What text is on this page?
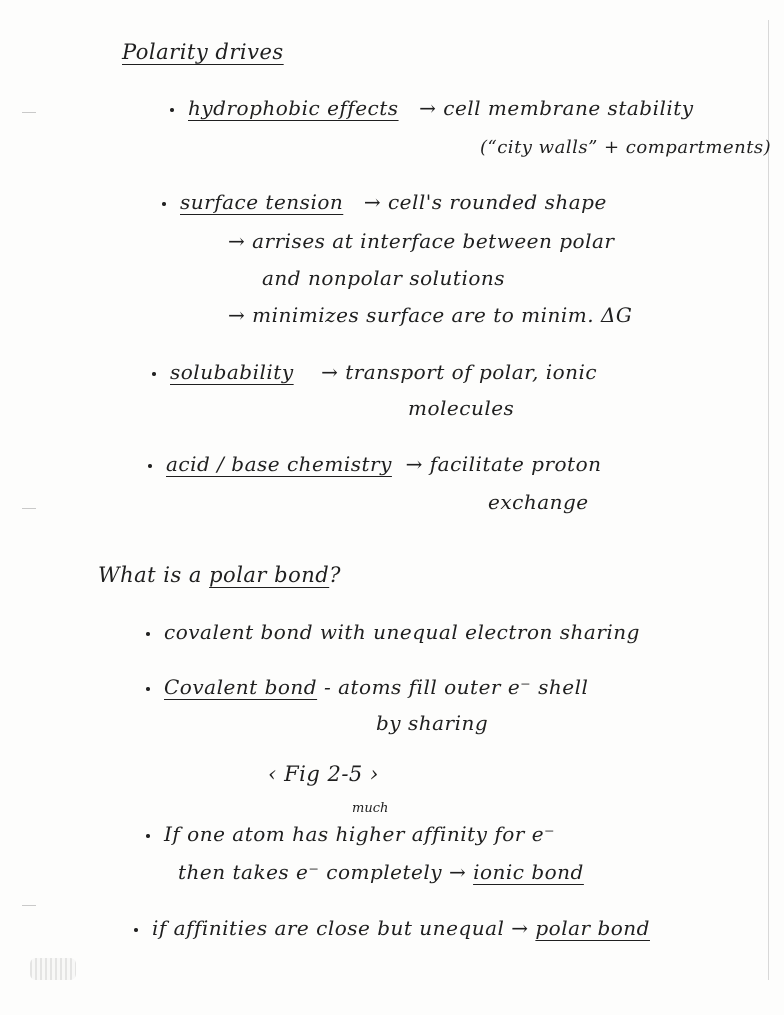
Polarity drives
hydrophobic effects → cell membrane stability
(“city walls” + compartments)
surface tension → cell's rounded shape
→ arrises at interface between polar
and nonpolar solutions
→ minimizes surface are to minim. ΔG
solubability → transport of polar, ionic
molecules
acid / base chemistry → facilitate proton
exchange
What is a polar bond?
covalent bond with unequal electron sharing
Covalent bond - atoms fill outer e⁻ shell
by sharing
‹ Fig 2-5 ›
much
If one atom has higher affinity for e⁻
then takes e⁻ completely → ionic bond
if affinities are close but unequal → polar bond
